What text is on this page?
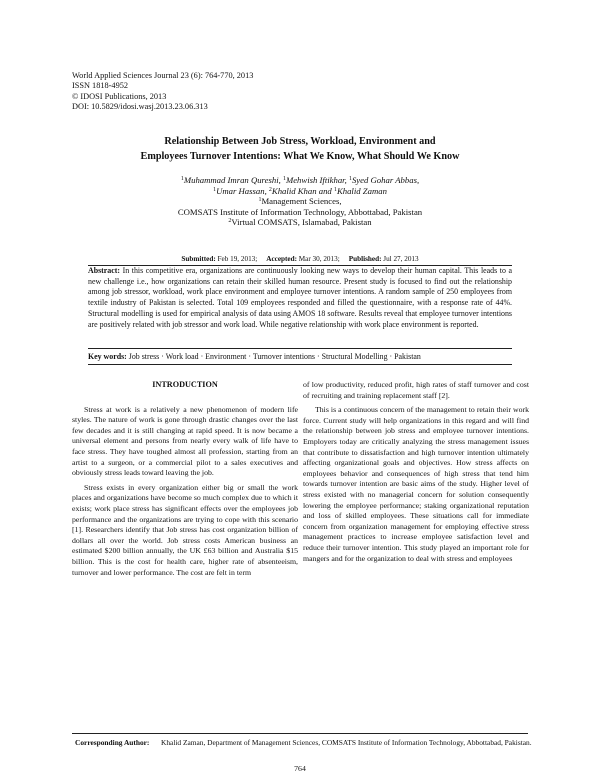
World Applied Sciences Journal 23 (6): 764-770, 2013
ISSN 1818-4952
© IDOSI Publications, 2013
DOI: 10.5829/idosi.wasj.2013.23.06.313
Relationship Between Job Stress, Workload, Environment and
Employees Turnover Intentions: What We Know, What Should We Know
$^1$Muhammad Imran Qureshi, $^1$Mehwish Iftikhar, $^1$Syed Gohar Abbas,
$^1$Umar Hassan, $^2$Khalid Khan and $^1$Khalid Zaman
$^1$Management Sciences,
COMSATS Institute of Information Technology, Abbottabad, Pakistan
$^2$Virtual COMSATS, Islamabad, Pakistan
Submitted: Feb 19, 2013; Accepted: Mar 30, 2013; Published: Jul 27, 2013
Abstract: In this competitive era, organizations are continuously looking new ways to develop their human capital. This leads to a new challenge i.e., how organizations can retain their skilled human resource. Present study is focused to find out the relationship among job stressor, workload, work place environment and employee turnover intentions. A random sample of 250 employees from textile industry of Pakistan is selected. Total 109 employees responded and filled the questionnaire, with a response rate of 44%. Structural modelling is used for empirical analysis of data using AMOS 18 software. Results reveal that employee turnover intentions are positively related with job stressor and work load. While negative relationship with work place environment is reported.
Key words: Job stress · Work load · Environment · Turnover intentions · Structural Modelling · Pakistan
INTRODUCTION

Stress at work is a relatively a new phenomenon of modern life styles. The nature of work is gone through drastic changes over the last few decades and it is still changing at rapid speed. It is now became a universal element and persons from nearly every walk of life have to face stress. They have toughed almost all profession, starting from an artist to a surgeon, or a commercial pilot to a sales executives and obviously stress leads toward leaving the job.

Stress exists in every organization either big or small the work places and organizations have become so much complex due to which it exists; work place stress has significant effects over the employees job performance and the organizations are trying to cope with this scenario [1]. Researchers identify that Job stress has cost organization billion of dollars all over the world. Job stress costs American business an estimated $200 billion annually, the UK £63 billion and Australia $15 billion. This is the cost for health care, higher rate of absenteeism, turnover and lower performance. The cost are felt in term

of low productivity, reduced profit, high rates of staff turnover and cost of recruiting and training replacement staff [2].

This is a continuous concern of the management to retain their work force. Current study will help organizations in this regard and will find the relationship between job stress and employee turnover intentions. Employers today are critically analyzing the stress management issues that contribute to dissatisfaction and high turnover intention ultimately affecting organizational goals and objectives. How stress affects on employees behavior and consequences of high stress that tend him towards turnover intention are basic aims of the study. Higher level of stress existed with no managerial concern for solution consequently lowering the employee performance; staking organizational reputation and loss of skilled employees. These situations call for immediate concern from organization management for employing effective stress management practices to increase employee satisfaction level and reduce their turnover intention. This study played an important role for mangers and for the organization to deal with stress and employees

Corresponding Author: Khalid Zaman, Department of Management Sciences, COMSATS Institute of Information Technology, Abbottabad, Pakistan.
764
